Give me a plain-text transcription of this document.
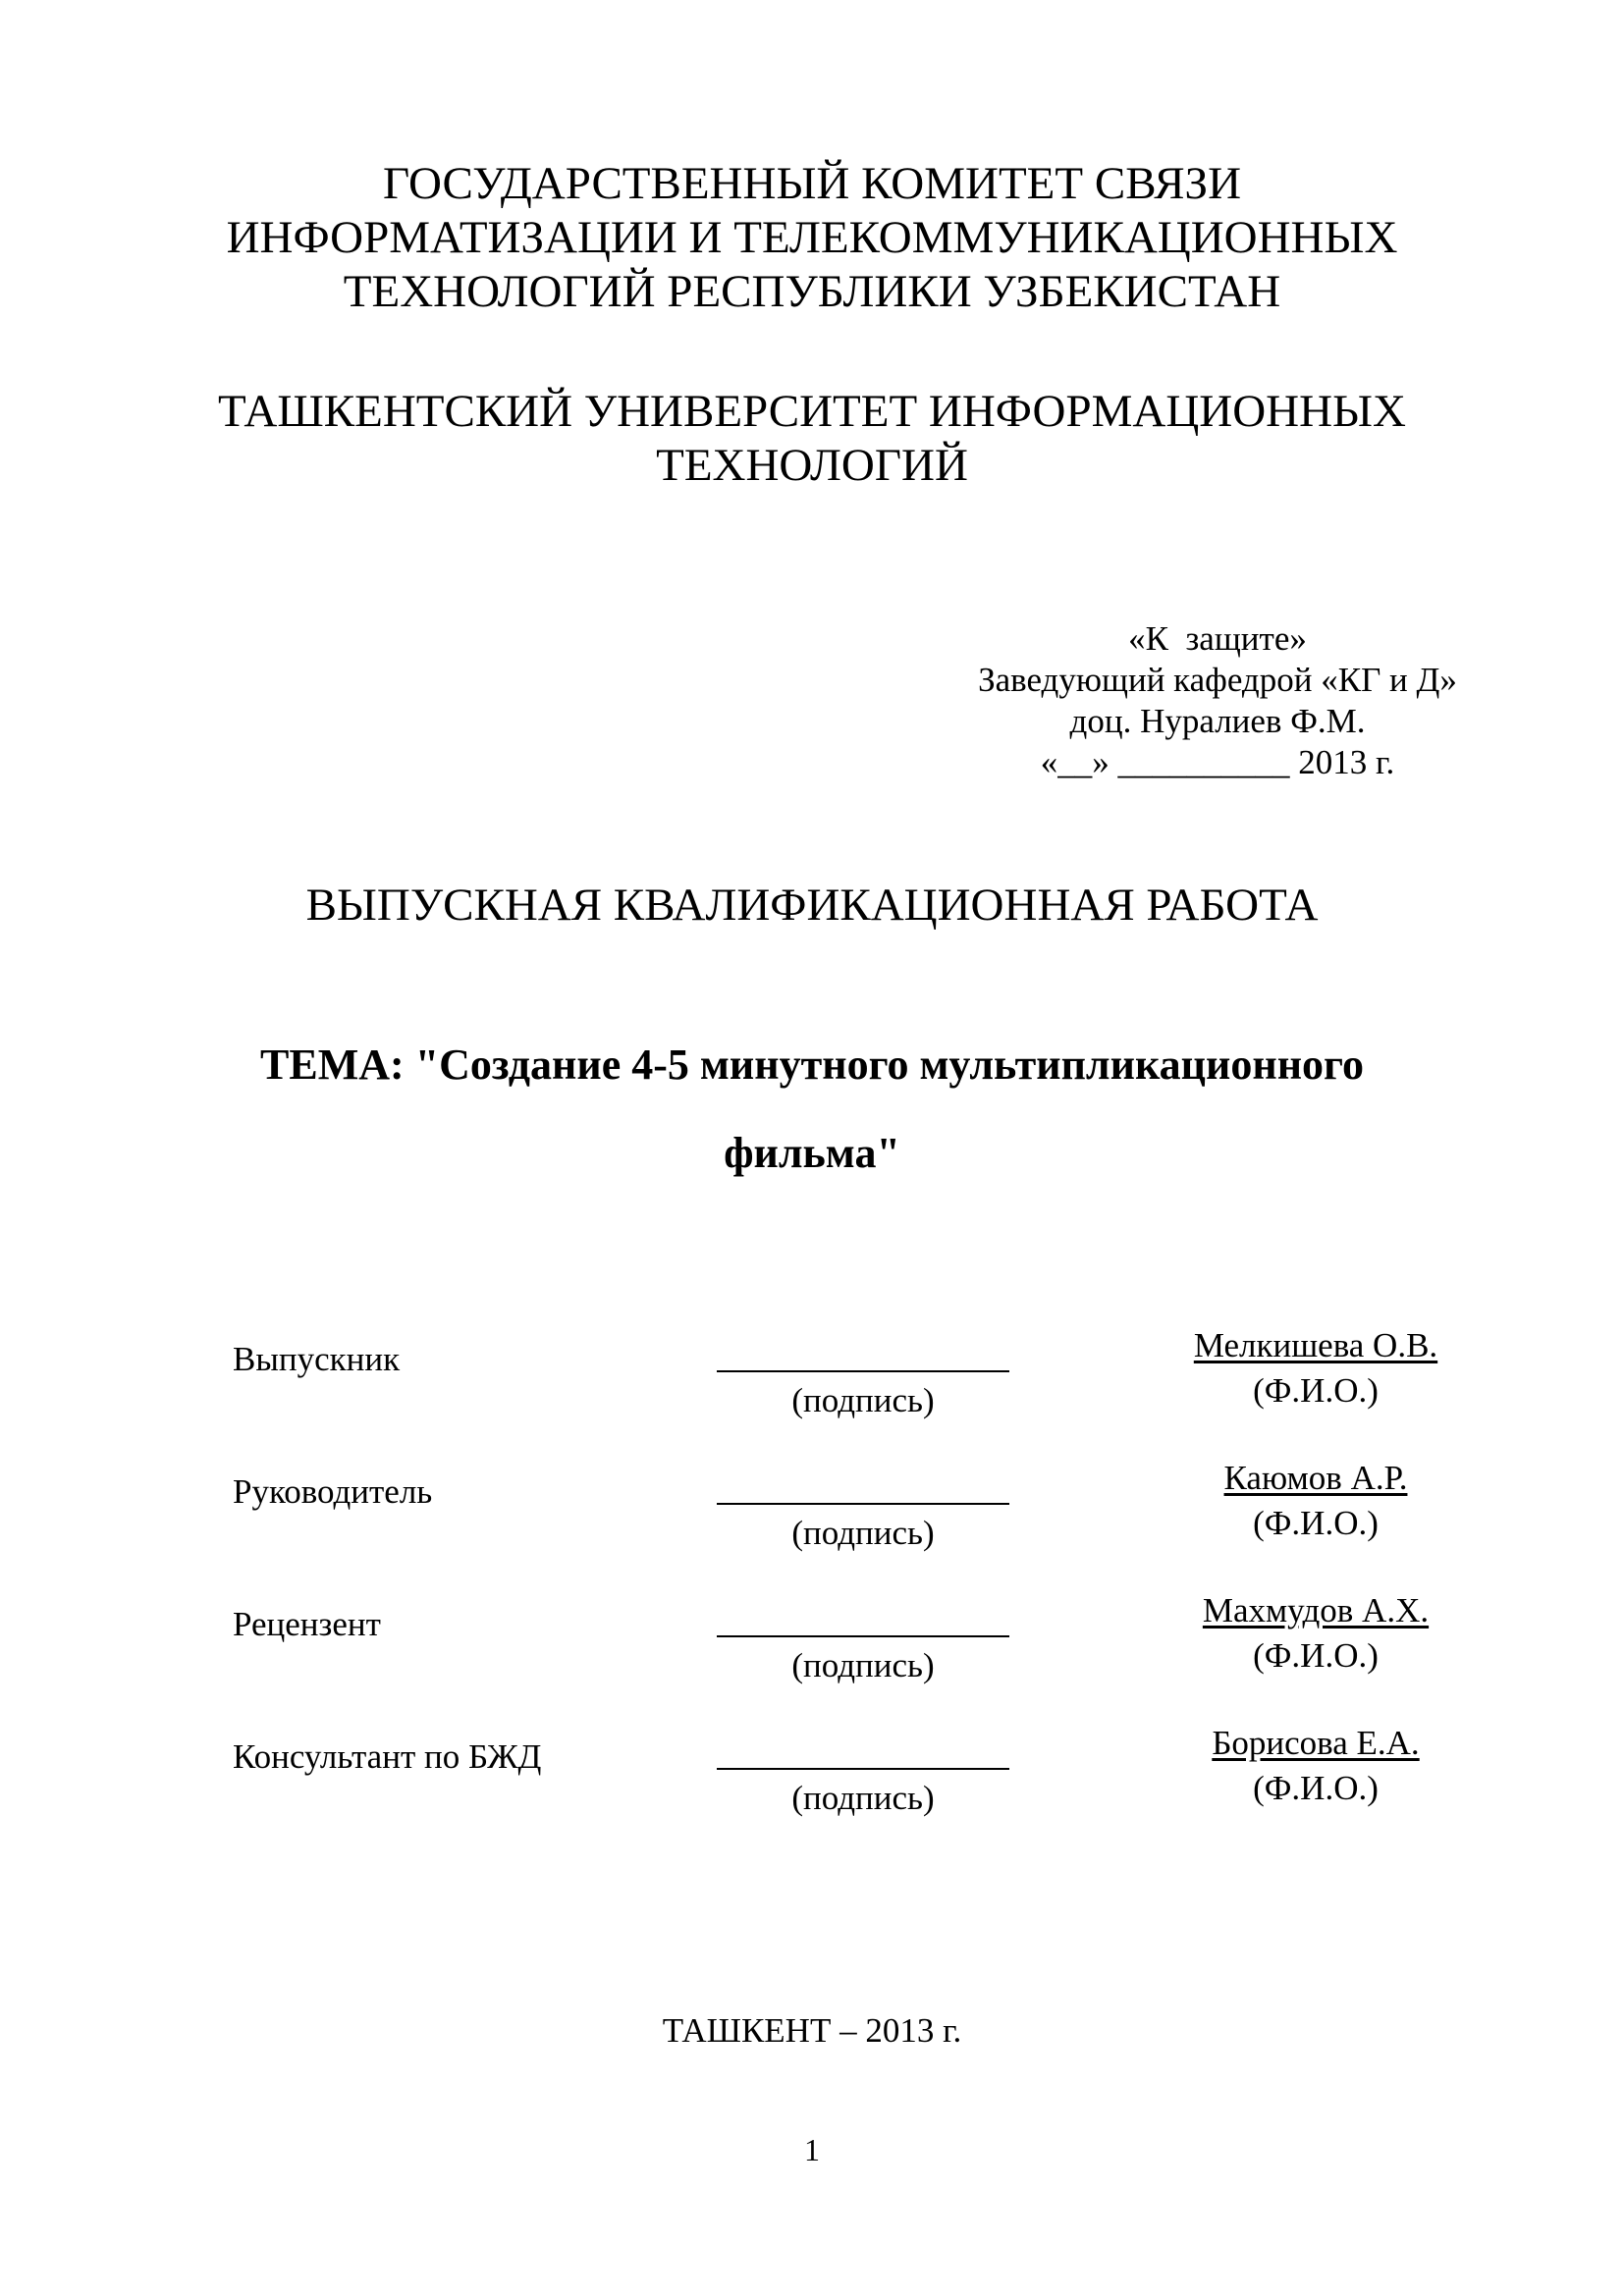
ГОСУДАРСТВЕННЫЙ КОМИТЕТ СВЯЗИ
ИНФОРМАТИЗАЦИИ И ТЕЛЕКОММУНИКАЦИОННЫХ
ТЕХНОЛОГИЙ РЕСПУБЛИКИ УЗБЕКИСТАН
ТАШКЕНТСКИЙ УНИВЕРСИТЕТ ИНФОРМАЦИОННЫХ
ТЕХНОЛОГИЙ
«К  защите»
Заведующий кафедрой «КГ и Д»
доц. Нуралиев Ф.М.
«__» __________ 2013 г.
ВЫПУСКНАЯ КВАЛИФИКАЦИОННАЯ РАБОТА
ТЕМА: "Создание 4-5 минутного мультипликационного
фильма"
Выпускник
(подпись)
Мелкишева О.В.
(Ф.И.О.)
Руководитель
(подпись)
Каюмов А.Р.
(Ф.И.О.)
Рецензент
(подпись)
Махмудов А.Х.
(Ф.И.О.)
Консультант по БЖД
(подпись)
Борисова Е.А.
(Ф.И.О.)
ТАШКЕНТ – 2013 г.
1
